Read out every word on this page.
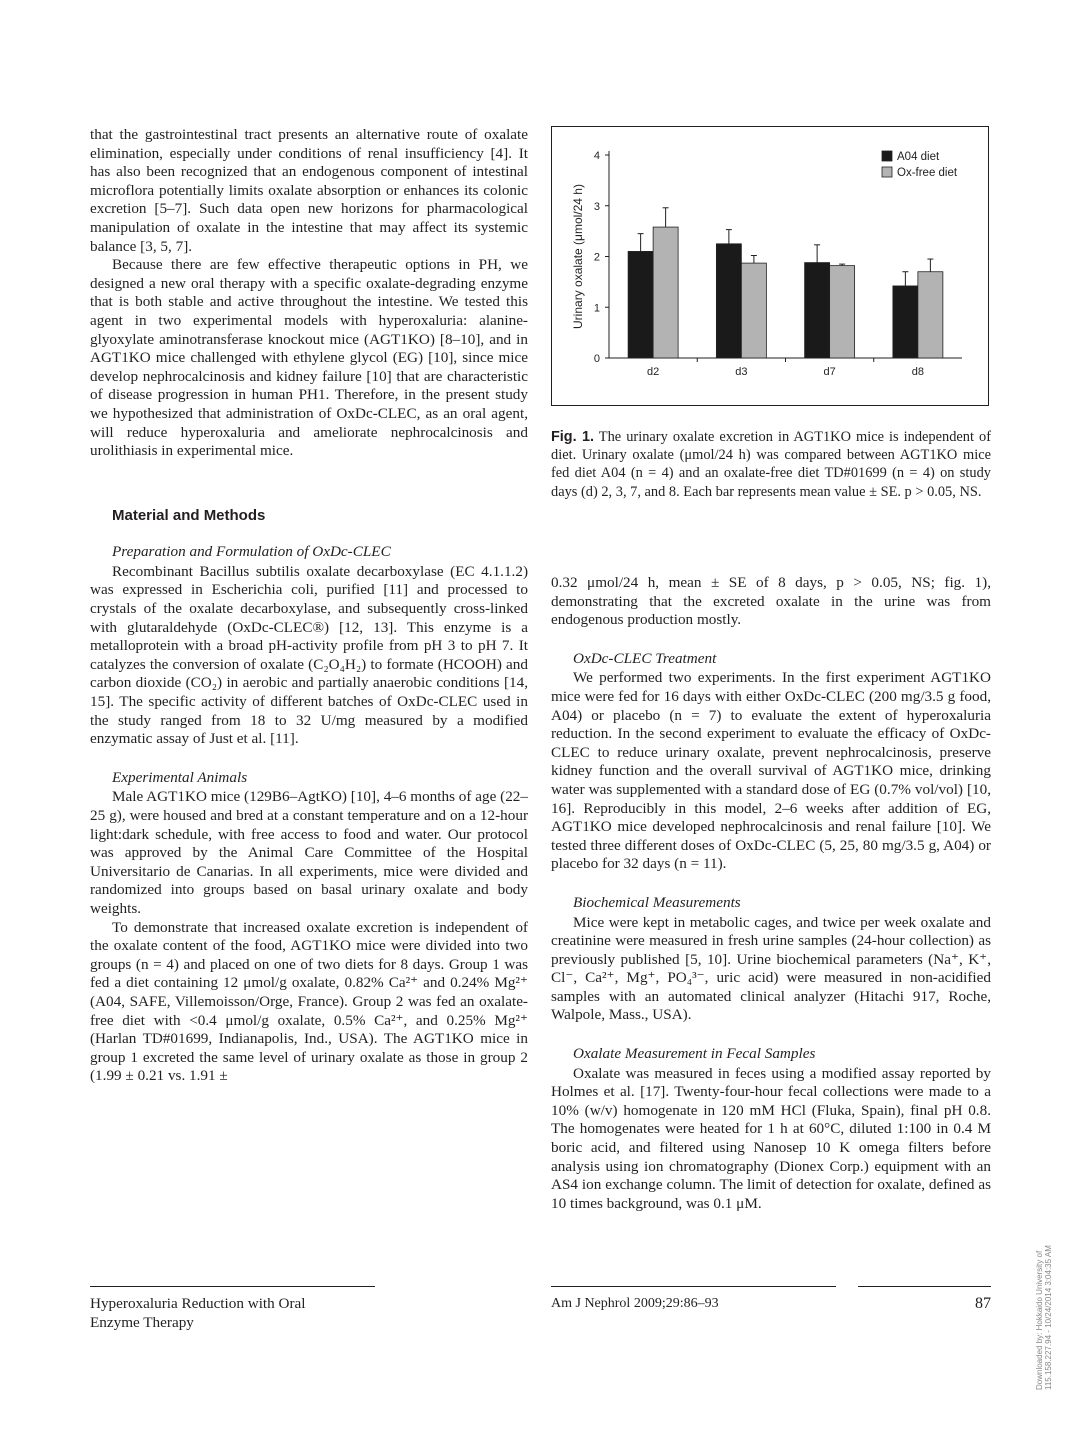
that the gastrointestinal tract presents an alternative route of oxalate elimination, especially under conditions of renal insufficiency [4]. It has also been recognized that an endogenous component of intestinal microflora potentially limits oxalate absorption or enhances its colonic excretion [5–7]. Such data open new horizons for pharmacological manipulation of oxalate in the intestine that may affect its systemic balance [3, 5, 7].

Because there are few effective therapeutic options in PH, we designed a new oral therapy with a specific oxalate-degrading enzyme that is both stable and active throughout the intestine. We tested this agent in two experimental models with hyperoxaluria: alanine-glyoxylate aminotransferase knockout mice (AGT1KO) [8–10], and in AGT1KO mice challenged with ethylene glycol (EG) [10], since mice develop nephrocalcinosis and kidney failure [10] that are characteristic of disease progression in human PH1. Therefore, in the present study we hypothesized that administration of OxDc-CLEC, as an oral agent, will reduce hyperoxaluria and ameliorate nephrocalcinosis and urolithiasis in experimental mice.

Material and Methods
Preparation and Formulation of OxDc-CLEC

Recombinant Bacillus subtilis oxalate decarboxylase (EC 4.1.1.2) was expressed in Escherichia coli, purified [11] and processed to crystals of the oxalate decarboxylase, and subsequently cross-linked with glutaraldehyde (OxDc-CLEC®) [12, 13]. This enzyme is a metalloprotein with a broad pH-activity profile from pH 3 to pH 7. It catalyzes the conversion of oxalate (C₂O₄H₂) to formate (HCOOH) and carbon dioxide (CO₂) in aerobic and partially anaerobic conditions [14, 15]. The specific activity of different batches of OxDc-CLEC used in the study ranged from 18 to 32 U/mg measured by a modified enzymatic assay of Just et al. [11].

Experimental Animals

Male AGT1KO mice (129B6–AgtKO) [10], 4–6 months of age (22–25 g), were housed and bred at a constant temperature and on a 12-hour light:dark schedule, with free access to food and water. Our protocol was approved by the Animal Care Committee of the Hospital Universitario de Canarias. In all experiments, mice were divided and randomized into groups based on basal urinary oxalate and body weights.

To demonstrate that increased oxalate excretion is independent of the oxalate content of the food, AGT1KO mice were divided into two groups (n = 4) and placed on one of two diets for 8 days. Group 1 was fed a diet containing 12 μmol/g oxalate, 0.82% Ca²⁺ and 0.24% Mg²⁺ (A04, SAFE, Villemoisson/Orge, France). Group 2 was fed an oxalate-free diet with <0.4 μmol/g oxalate, 0.5% Ca²⁺, and 0.25% Mg²⁺ (Harlan TD#01699, Indianapolis, Ind., USA). The AGT1KO mice in group 1 excreted the same level of urinary oxalate as those in group 2 (1.99 ± 0.21 vs. 1.91 ±

0
1
2
3
4
Urinary oxalate (μmol/24 h)
d2	d3	d7	d8
A04 diet
Ox-free diet
Fig. 1. The urinary oxalate excretion in AGT1KO mice is independent of diet. Urinary oxalate (μmol/24 h) was compared between AGT1KO mice fed diet A04 (n = 4) and an oxalate-free diet TD#01699 (n = 4) on study days (d) 2, 3, 7, and 8. Each bar represents mean value ± SE. p > 0.05, NS.

0.32 μmol/24 h, mean ± SE of 8 days, p > 0.05, NS; fig. 1), demonstrating that the excreted oxalate in the urine was from endogenous production mostly.

OxDc-CLEC Treatment

We performed two experiments. In the first experiment AGT1KO mice were fed for 16 days with either OxDc-CLEC (200 mg/3.5 g food, A04) or placebo (n = 7) to evaluate the extent of hyperoxaluria reduction. In the second experiment to evaluate the efficacy of OxDc-CLEC to reduce urinary oxalate, prevent nephrocalcinosis, preserve kidney function and the overall survival of AGT1KO mice, drinking water was supplemented with a standard dose of EG (0.7% vol/vol) [10, 16]. Reproducibly in this model, 2–6 weeks after addition of EG, AGT1KO mice developed nephrocalcinosis and renal failure [10]. We tested three different doses of OxDc-CLEC (5, 25, 80 mg/3.5 g, A04) or placebo for 32 days (n = 11).

Biochemical Measurements

Mice were kept in metabolic cages, and twice per week oxalate and creatinine were measured in fresh urine samples (24-hour collection) as previously published [5, 10]. Urine biochemical parameters (Na⁺, K⁺, Cl⁻, Ca²⁺, Mg⁺, PO₄³⁻, uric acid) were measured in non-acidified samples with an automated clinical analyzer (Hitachi 917, Roche, Walpole, Mass., USA).

Oxalate Measurement in Fecal Samples

Oxalate was measured in feces using a modified assay reported by Holmes et al. [17]. Twenty-four-hour fecal collections were made to a 10% (w/v) homogenate in 120 mM HCl (Fluka, Spain), final pH 0.8. The homogenates were heated for 1 h at 60°C, diluted 1:100 in 0.4 M boric acid, and filtered using Nanosep 10 K omega filters before analysis using ion chromatography (Dionex Corp.) equipment with an AS4 ion exchange column. The limit of detection for oxalate, defined as 10 times background, was 0.1 μM.

Hyperoxaluria Reduction with Oral
Enzyme Therapy
Am J Nephrol 2009;29:86–93	87	Downloaded by: Hokkaido University of 115.158.227.94 - 10/24/2014 3:04:35 AM
